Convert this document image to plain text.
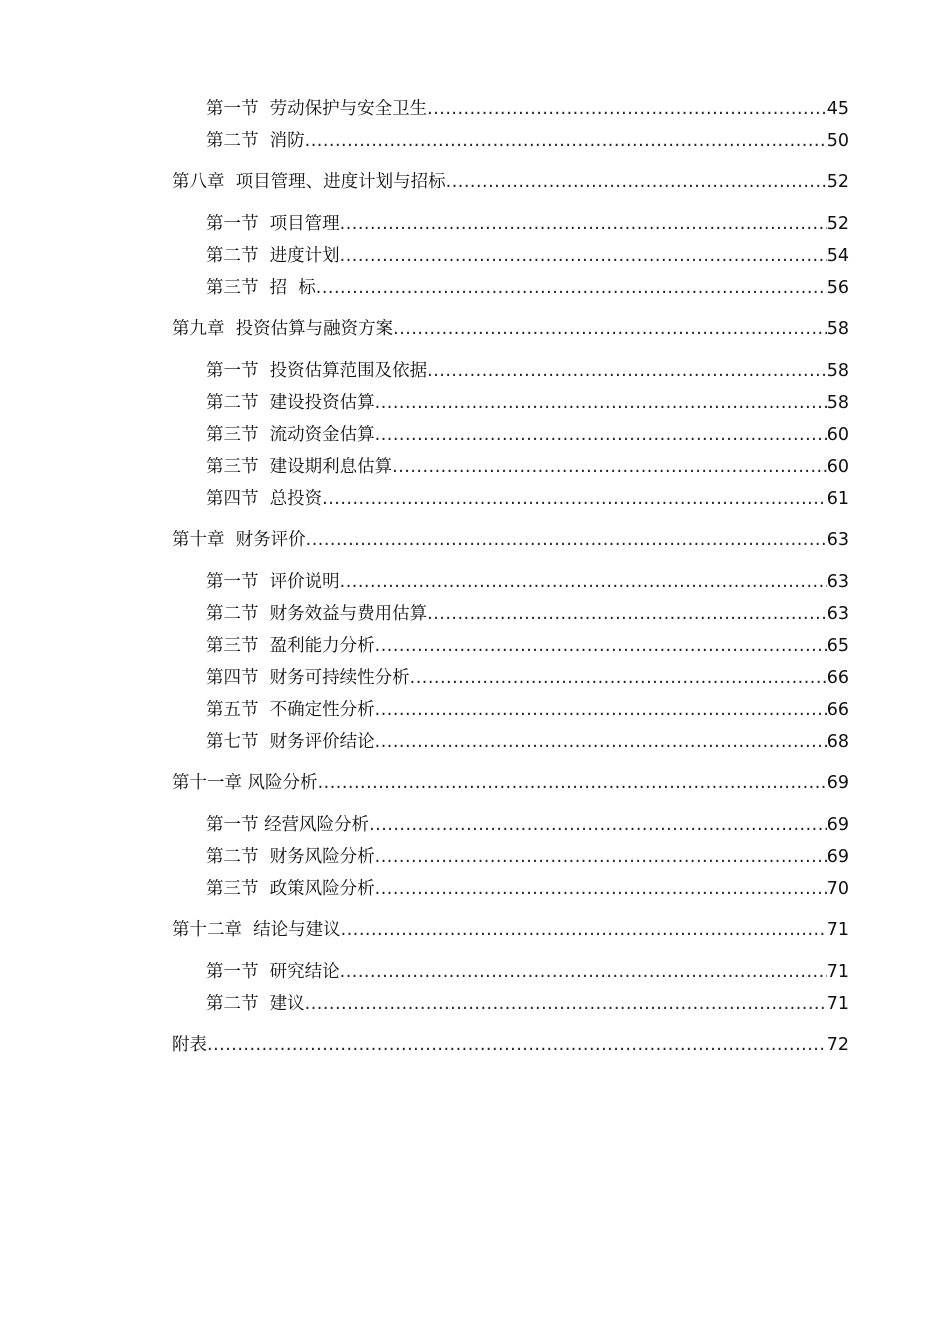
第一节  劳动保护与安全卫生 .....	45
第二节  消防 .....	50
第八章  项目管理、进度计划与招标 .....	52
第一节  项目管理 .....	52
第二节  进度计划 .....	54
第三节  招  标 .....	56
第九章  投资估算与融资方案 .....	58
第一节  投资估算范围及依据 .....	58
第二节  建设投资估算 .....	58
第三节  流动资金估算 .....	60
第三节  建设期利息估算 .....	60
第四节  总投资 .....	61
第十章  财务评价 .....	63
第一节  评价说明 .....	63
第二节  财务效益与费用估算 .....	63
第三节  盈利能力分析 .....	65
第四节  财务可持续性分析 .....	66
第五节  不确定性分析 .....	66
第七节  财务评价结论 .....	68
第十一章 风险分析 .....	69
第一节 经营风险分析 .....	69
第二节  财务风险分析 .....	69
第三节  政策风险分析 .....	70
第十二章  结论与建议 .....	71
第一节  研究结论 .....	71
第二节  建议 .....	71
附表 .....	72
